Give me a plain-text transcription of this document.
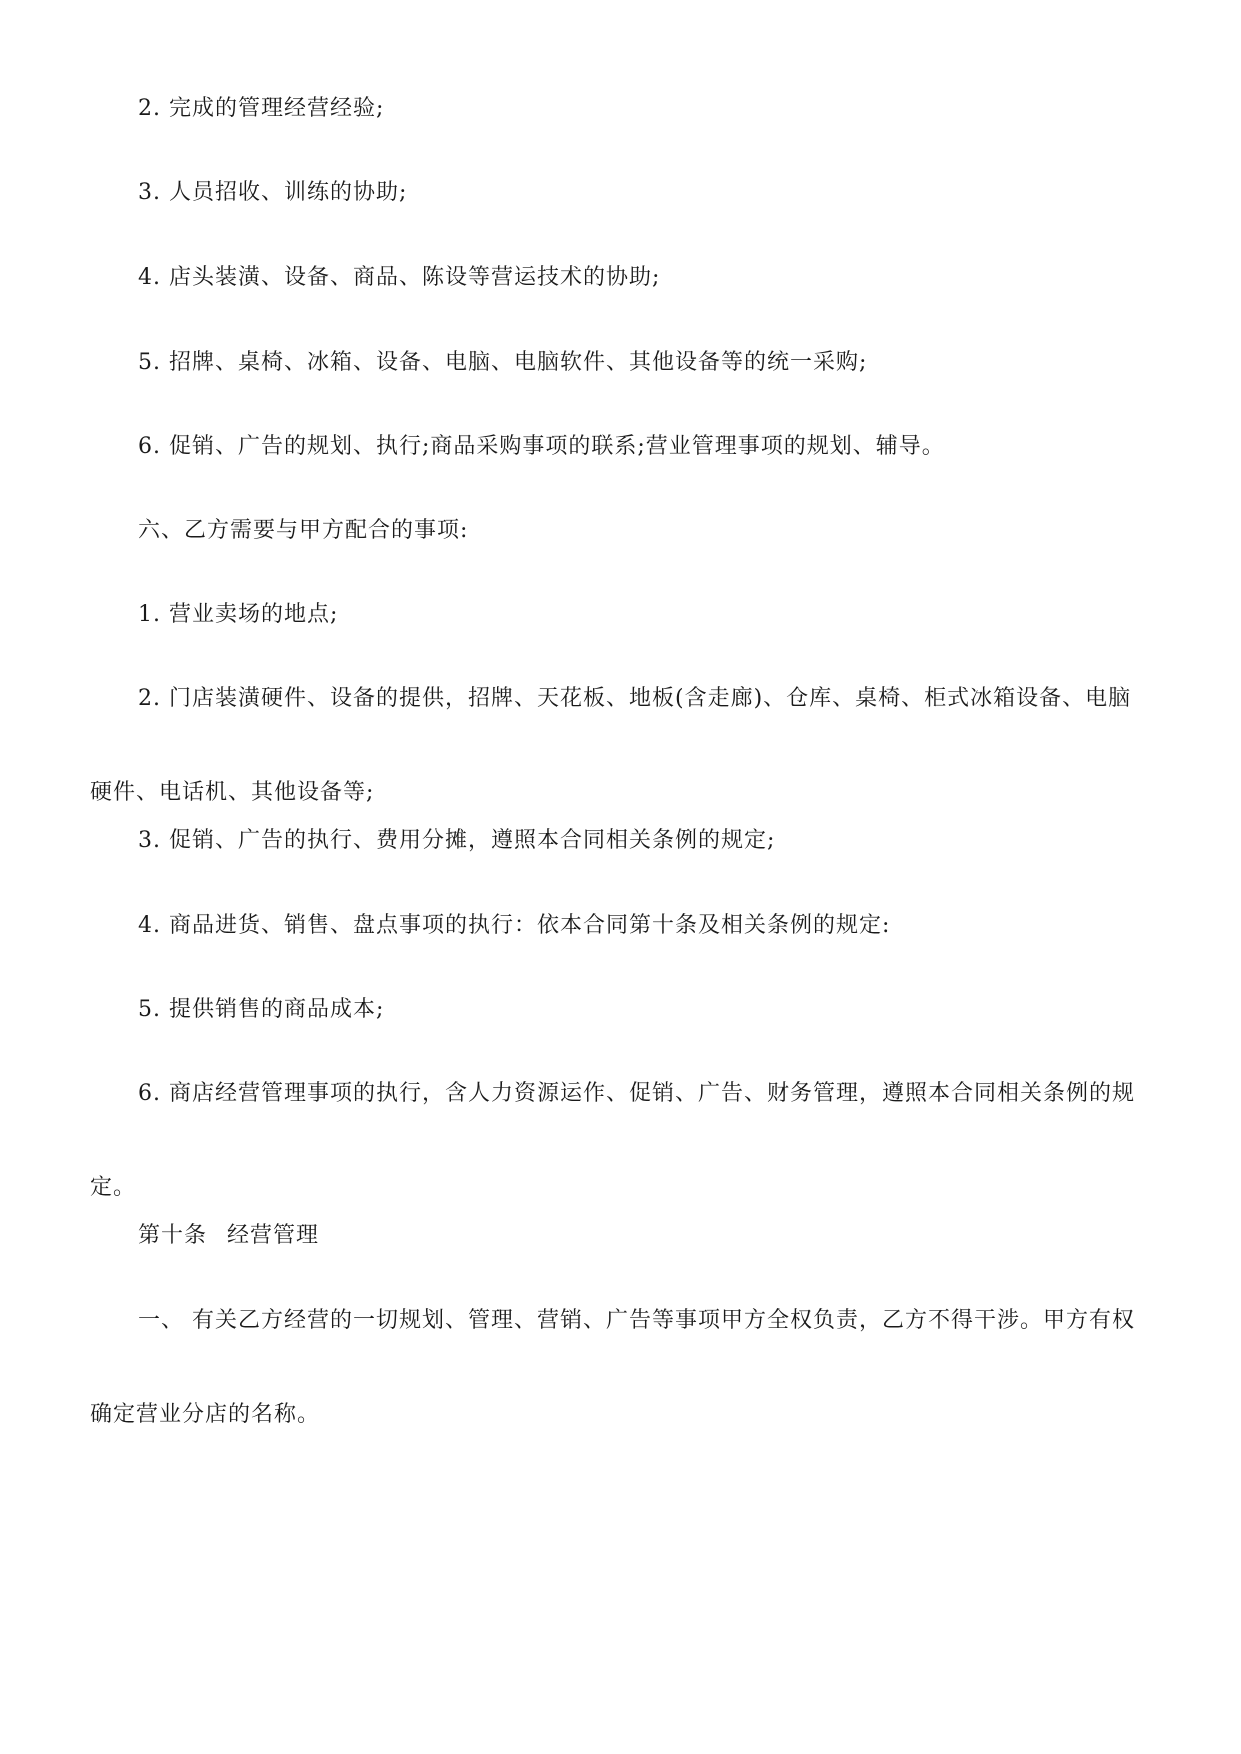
2. 完成的管理经营经验;

3. 人员招收、训练的协助;

4. 店头装潢、设备、商品、陈设等营运技术的协助;

5. 招牌、桌椅、冰箱、设备、电脑、电脑软件、其他设备等的统一采购;

6. 促销、广告的规划、执行;商品采购事项的联系;营业管理事项的规划、辅导。

六、乙方需要与甲方配合的事项:

1. 营业卖场的地点;

2. 门店装潢硬件、设备的提供，招牌、天花板、地板(含走廊)、仓库、桌椅、柜式冰箱设备、电脑硬件、电话机、其他设备等;

3. 促销、广告的执行、费用分摊，遵照本合同相关条例的规定;

4. 商品进货、销售、盘点事项的执行：依本合同第十条及相关条例的规定:

5. 提供销售的商品成本;

6. 商店经营管理事项的执行，含人力资源运作、促销、广告、财务管理，遵照本合同相关条例的规定。

第十条 经营管理

一、 有关乙方经营的一切规划、管理、营销、广告等事项甲方全权负责，乙方不得干涉。甲方有权确定营业分店的名称。
